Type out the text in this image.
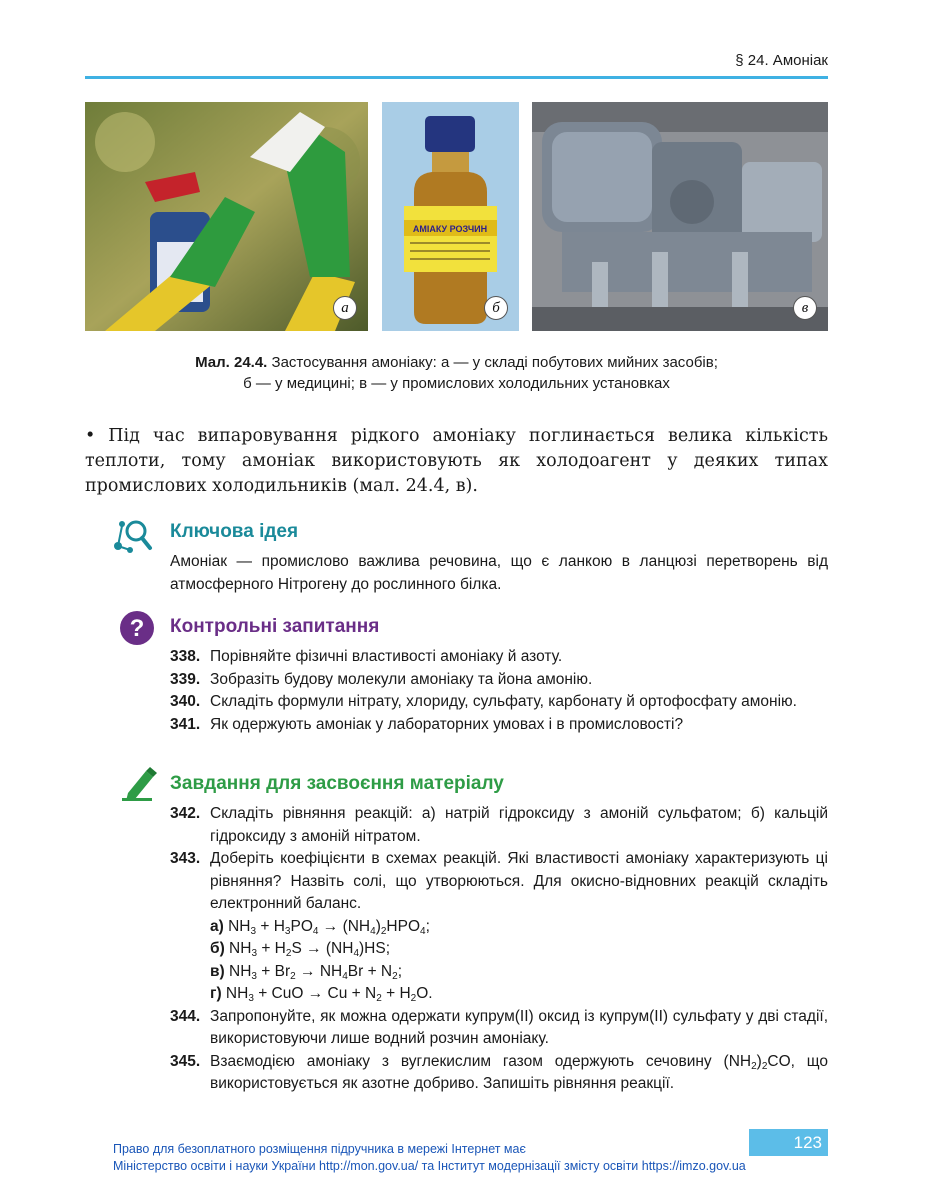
§ 24. Амоніак
а
АМІАКУ РОЗЧИН
б	в
Мал. 24.4. Застосування амоніаку: а — у складі побутових мийних засобів;
б — у медицині; в — у промислових холодильних установках
• Під час випаровування рідкого амоніаку поглинається велика кількість теплоти, тому амоніак використовують як холодоагент у деяких типах промислових холодильників (мал. 24.4, в).
Ключова ідея
Амоніак — промислово важлива речовина, що є ланкою в ланцюзі перетворень від атмосферного Нітрогену до рослинного білка.
? Контрольні запитання
338. Порівняйте фізичні властивості амоніаку й азоту.
339. Зобразіть будову молекули амоніаку та йона амонію.
340. Складіть формули нітрату, хлориду, сульфату, карбонату й ортофосфату амонію.
341. Як одержують амоніак у лабораторних умовах і в промисловості?
Завдання для засвоєння матеріалу
342. Складіть рівняння реакцій: а) натрій гідроксиду з амоній сульфатом; б) кальцій гідроксиду з амоній нітратом.
343. Доберіть коефіцієнти в схемах реакцій. Які властивості амоніаку характеризують ці рівняння? Назвіть солі, що утворюються. Для окисно-відновних реакцій складіть електронний баланс.
а) $NH_3 + H_3PO_4 \to (NH_4)_2HPO_4$;
б) $NH_3 + H_2S \to (NH_4)HS$;
в) $NH_3 + Br_2 \to NH_4Br + N_2$;
г) $NH_3$ + CuO → $Cu + N_2 + H_2O$.
344. Запропонуйте, як можна одержати купрум(ІІ) оксид із купрум(ІІ) сульфату у дві стадії, використовуючи лише водний розчин амоніаку.
345. Взаємодією амоніаку з вуглекислим газом одержують сечовину $(NH_2)_2CO$, що використовується як азотне добриво. Запишіть рівняння реакції.
123
Право для безоплатного розміщення підручника в мережі Інтернет має
Міністерство освіти і науки України http://mon.gov.ua/ та Інститут модернізації змісту освіти https://imzo.gov.ua
